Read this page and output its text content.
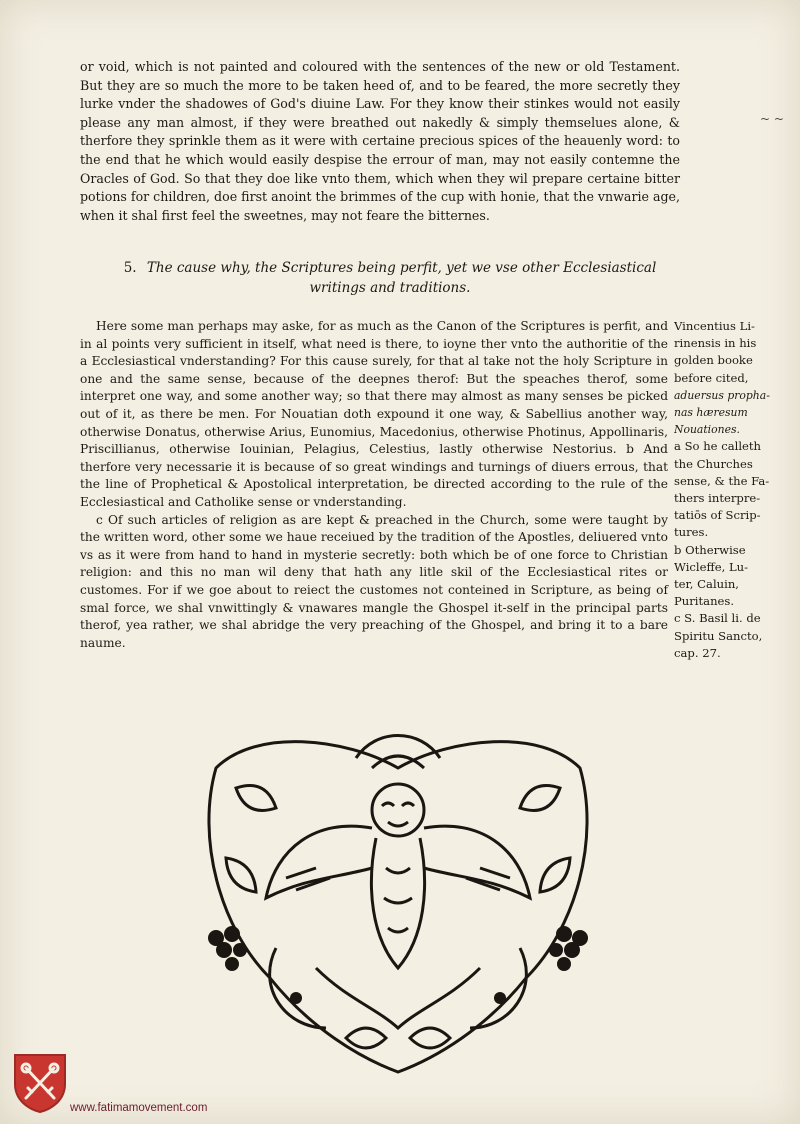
or void, which is not painted and coloured with the sentences of the new or old Testament. But they are so much the more to be taken heed of, and to be feared, the more secretly they lurke vnder the shadowes of God's diuine Law. For they know their stinkes would not easily please any man almost, if they were breathed out nakedly & simply themselues alone, & therfore they sprinkle them as it were with certaine precious spices of the heauenly word: to the end that he which would easily despise the errour of man, may not easily contemne the Oracles of God. So that they doe like vnto them, which when they wil prepare certaine bitter potions for children, doe first anoint the brimmes of the cup with honie, that the vnwarie age, when it shal first feel the sweetnes, may not feare the bitternes.
~ ~
5. The cause why, the Scriptures being perfit, yet we vse other Ecclesiastical writings and traditions.

Here some man perhaps may aske, for as much as the Canon of the Scriptures is perfit, and in al points very sufficient in itself, what need is there, to ioyne ther vnto the authoritie of the a Ecclesiastical vnderstanding? For this cause surely, for that al take not the holy Scripture in one and the same sense, because of the deepnes therof: But the speaches therof, some interpret one way, and some another way; so that there may almost as many senses be picked out of it, as there be men. For Nouatian doth expound it one way, & Sabellius another way, otherwise Donatus, otherwise Arius, Eunomius, Macedonius, otherwise Photinus, Appollinaris, Priscillianus, otherwise Iouinian, Pelagius, Celestius, lastly otherwise Nestorius. b And therfore very necessarie it is because of so great windings and turnings of diuers errous, that the line of Prophetical & Apostolical interpretation, be directed according to the rule of the Ecclesiastical and Catholike sense or vnderstanding.

c Of such articles of religion as are kept & preached in the Church, some were taught by the written word, other some we haue receiued by the tradition of the Apostles, deliuered vnto vs as it were from hand to hand in mysterie secretly: both which be of one force to Christian religion: and this no man wil deny that hath any litle skil of the Ecclesiastical rites or customes. For if we goe about to reiect the customes not conteined in Scripture, as being of smal force, we shal vnwittingly & vnawares mangle the Ghospel it-self in the principal parts therof, yea rather, we shal abridge the very preaching of the Ghospel, and bring it to a bare naume.

Vincentius Li-
rinensis in his
golden booke
before cited,
aduersus propha-
nas hæresum
Nouationes.
a So he calleth
the Churches
sense, & the Fa-
thers interpre-
tatiōs of Scrip-
tures.
b Otherwise
Wicleffe, Lu-
ter, Caluin,
Puritanes.
c S. Basil li. de
Spiritu Sancto,
cap. 27.
www.fatimamovement.com
